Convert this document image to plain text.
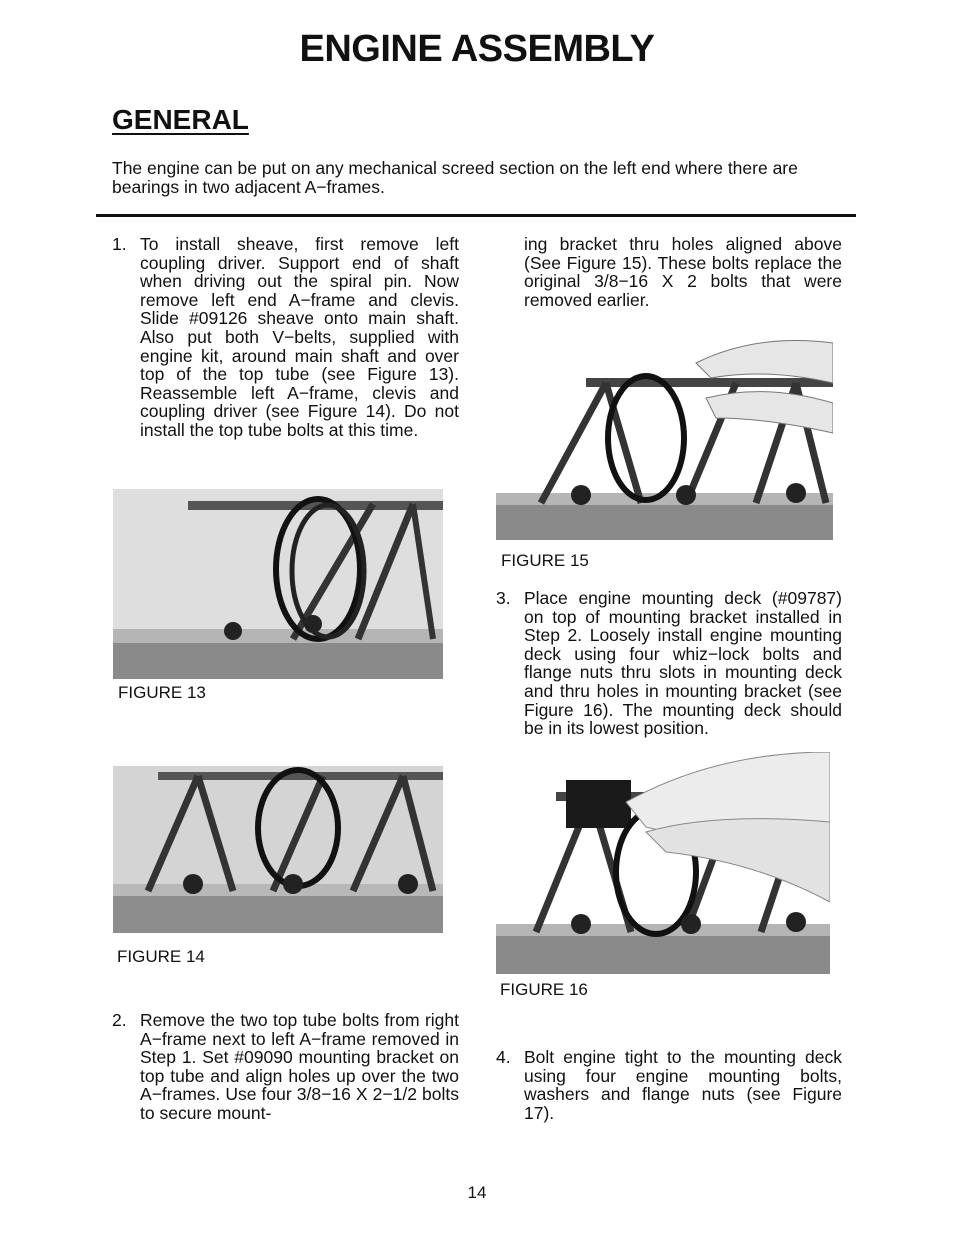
ENGINE ASSEMBLY
GENERAL
The engine can be put on any mechanical screed section on the left end where there are bearings in two adjacent A−frames.
1. To install sheave, first remove left coupling driver. Support end of shaft when driving out the spiral pin. Now remove left end A−frame and clevis. Slide #09126 sheave onto main shaft. Also put both V−belts, supplied with engine kit, around main shaft and over top of the top tube (see Figure 13). Reassemble left A−frame, clevis and coupling driver (see Figure 14). Do not install the top tube bolts at this time.
FIGURE 13
FIGURE 14
2. Remove the two top tube bolts from right A−frame next to left A−frame removed in Step 1. Set #09090 mounting bracket on top tube and align holes up over the two A−frames. Use four 3/8−16 X 2−1/2 bolts to secure mount-
ing bracket thru holes aligned above (See Figure 15). These bolts replace the original 3/8−16 X 2 bolts that were removed earlier.
FIGURE 15
3. Place engine mounting deck (#09787) on top of mounting bracket installed in Step 2. Loosely install engine mounting deck using four whiz−lock bolts and flange nuts thru slots in mounting deck and thru holes in mounting bracket (see Figure 16). The mounting deck should be in its lowest position.
FIGURE 16
4. Bolt engine tight to the mounting deck using four engine mounting bolts, washers and flange nuts (see Figure 17).
14
